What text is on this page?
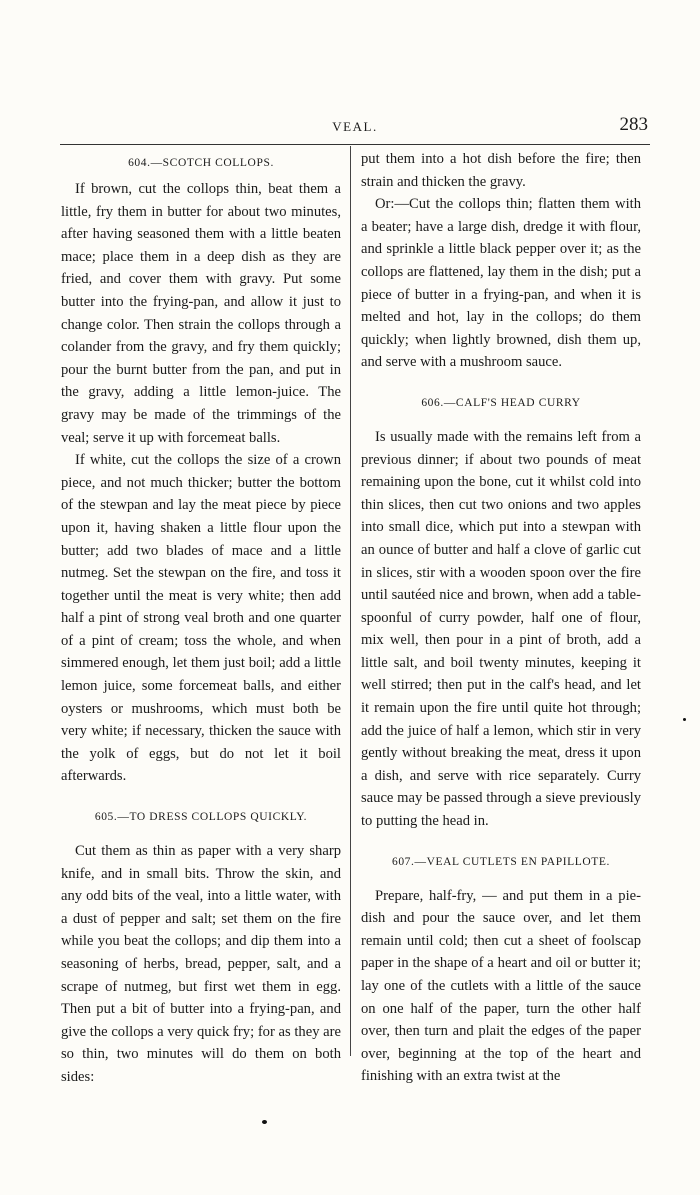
VEAL.	283
604.—SCOTCH COLLOPS.

If brown, cut the collops thin, beat them a little, fry them in butter for about two minutes, after having seasoned them with a little beaten mace; place them in a deep dish as they are fried, and cover them with gravy. Put some butter into the frying-pan, and allow it just to change color. Then strain the collops through a colander from the gravy, and fry them quickly; pour the burnt butter from the pan, and put in the gravy, adding a little lemon-juice. The gravy may be made of the trimmings of the veal; serve it up with forcemeat balls.

If white, cut the collops the size of a crown piece, and not much thicker; butter the bottom of the stewpan and lay the meat piece by piece upon it, having shaken a little flour upon the butter; add two blades of mace and a little nutmeg. Set the stewpan on the fire, and toss it together until the meat is very white; then add half a pint of strong veal broth and one quarter of a pint of cream; toss the whole, and when simmered enough, let them just boil; add a little lemon juice, some forcemeat balls, and either oysters or mushrooms, which must both be very white; if necessary, thicken the sauce with the yolk of eggs, but do not let it boil afterwards.

605.—TO DRESS COLLOPS QUICKLY.

Cut them as thin as paper with a very sharp knife, and in small bits. Throw the skin, and any odd bits of the veal, into a little water, with a dust of pepper and salt; set them on the fire while you beat the collops; and dip them into a seasoning of herbs, bread, pepper, salt, and a scrape of nutmeg, but first wet them in egg. Then put a bit of butter into a frying-pan, and give the collops a very quick fry; for as they are so thin, two minutes will do them on both sides:

put them into a hot dish before the fire; then strain and thicken the gravy.

Or:—Cut the collops thin; flatten them with a beater; have a large dish, dredge it with flour, and sprinkle a little black pepper over it; as the collops are flattened, lay them in the dish; put a piece of butter in a frying-pan, and when it is melted and hot, lay in the collops; do them quickly; when lightly browned, dish them up, and serve with a mushroom sauce.

606.—CALF'S HEAD CURRY

Is usually made with the remains left from a previous dinner; if about two pounds of meat remaining upon the bone, cut it whilst cold into thin slices, then cut two onions and two apples into small dice, which put into a stewpan with an ounce of butter and half a clove of garlic cut in slices, stir with a wooden spoon over the fire until sautéed nice and brown, when add a table-spoonful of curry powder, half one of flour, mix well, then pour in a pint of broth, add a little salt, and boil twenty minutes, keeping it well stirred; then put in the calf's head, and let it remain upon the fire until quite hot through; add the juice of half a lemon, which stir in very gently without breaking the meat, dress it upon a dish, and serve with rice separately. Curry sauce may be passed through a sieve previously to putting the head in.

607.—VEAL CUTLETS EN PAPILLOTE.

Prepare, half-fry, — and put them in a pie-dish and pour the sauce over, and let them remain until cold; then cut a sheet of foolscap paper in the shape of a heart and oil or butter it; lay one of the cutlets with a little of the sauce on one half of the paper, turn the other half over, then turn and plait the edges of the paper over, beginning at the top of the heart and finishing with an extra twist at the
